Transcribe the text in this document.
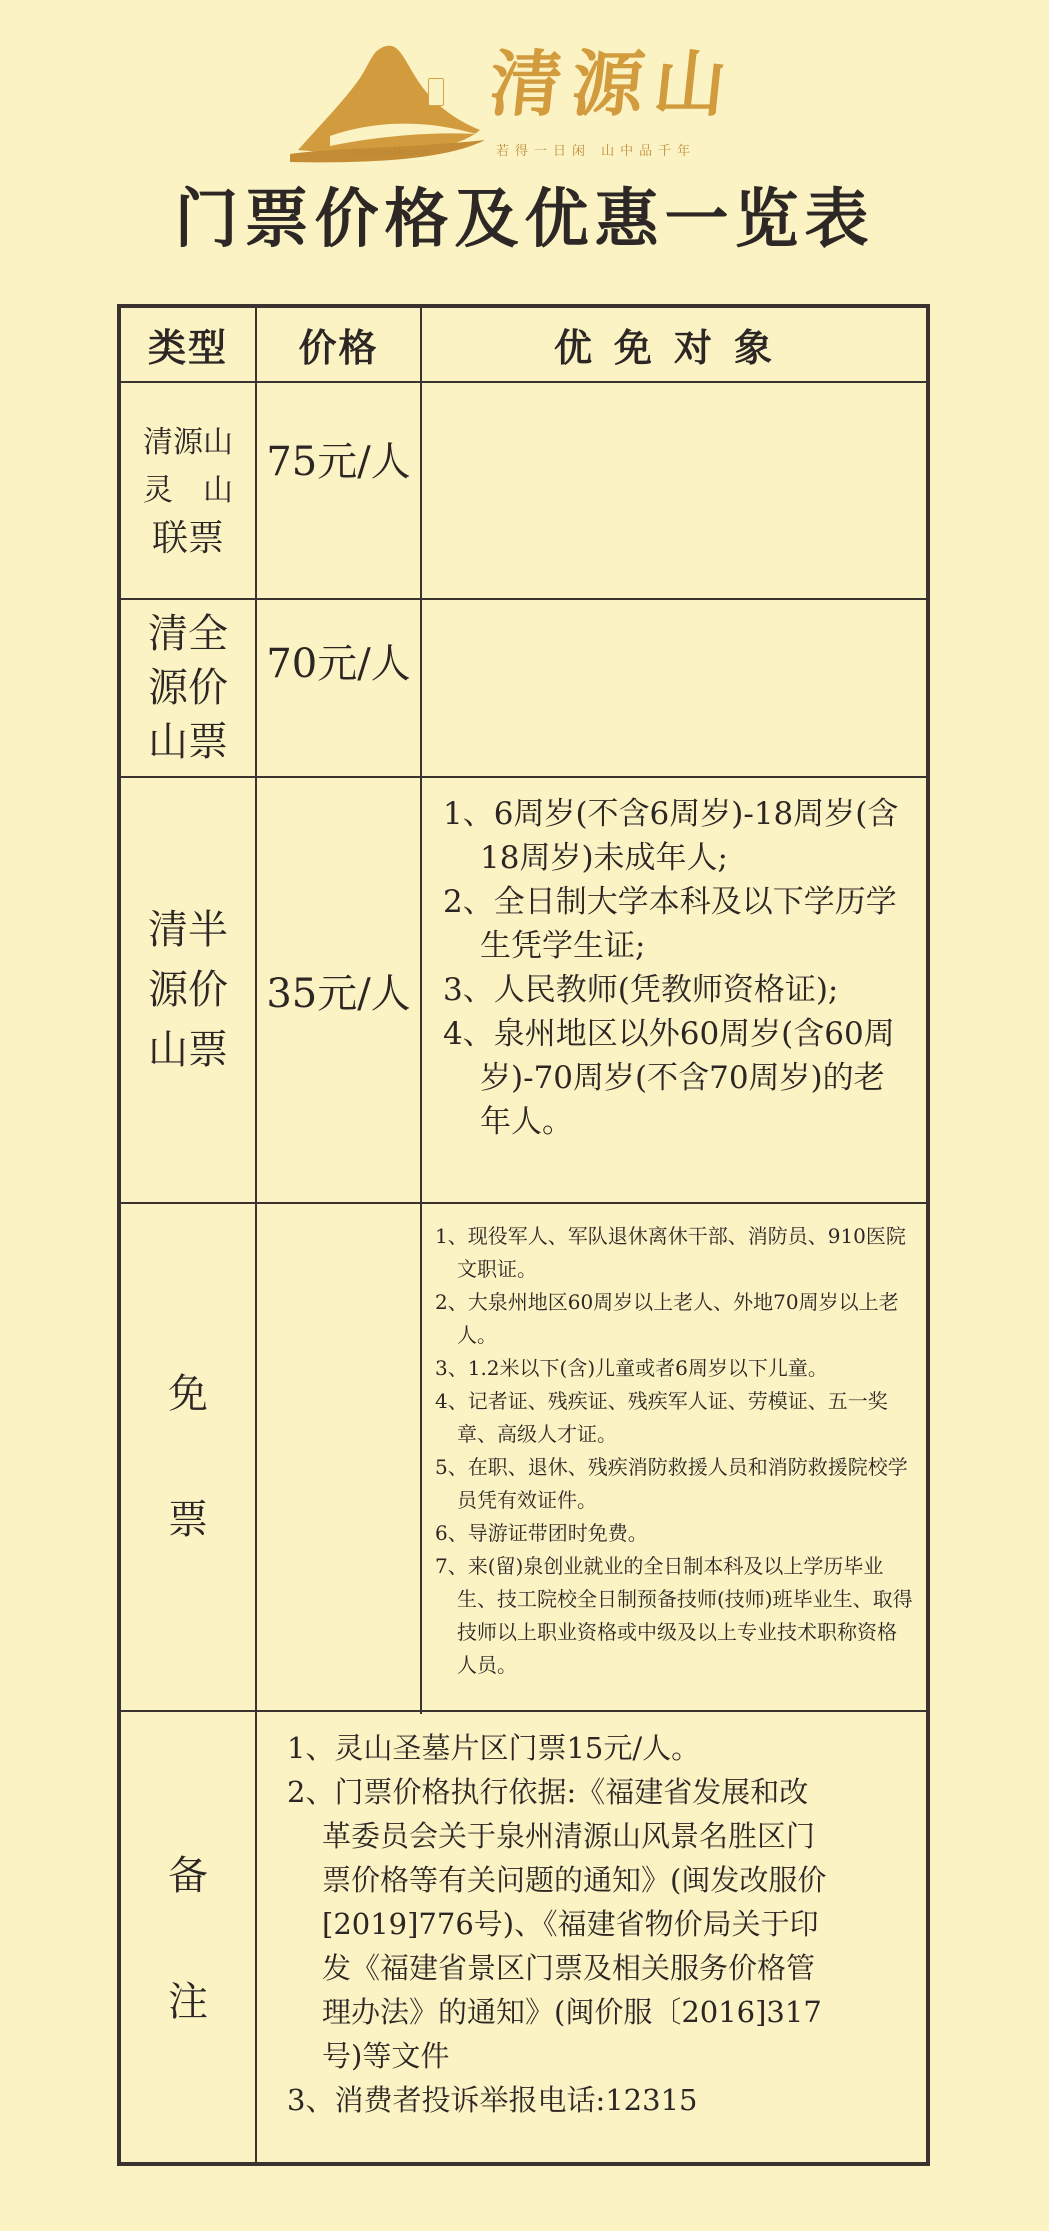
Qingyuan Mountain
清源山
若得一日闲 山中品千年
门票价格及优惠一览表
类型	价格	优免对象
清源山
灵　山
联票
75元/人
清全
源价
山票
70元/人
清半
源价
山票
35元/人
1、6周岁(不含6周岁)-18周岁(含18周岁)未成年人;
2、全日制大学本科及以下学历学生凭学生证;
3、人民教师(凭教师资格证);
4、泉州地区以外60周岁(含60周岁)-70周岁(不含70周岁)的老年人。
免
票
1、现役军人、军队退休离休干部、消防员、910医院文职证。
2、大泉州地区60周岁以上老人、外地70周岁以上老人。
3、1.2米以下(含)儿童或者6周岁以下儿童。
4、记者证、残疾证、残疾军人证、劳模证、五一奖章、高级人才证。
5、在职、退休、残疾消防救援人员和消防救援院校学员凭有效证件。
6、导游证带团时免费。
7、来(留)泉创业就业的全日制本科及以上学历毕业生、技工院校全日制预备技师(技师)班毕业生、取得技师以上职业资格或中级及以上专业技术职称资格人员。
备
注
1、灵山圣墓片区门票15元/人。
2、门票价格执行依据:《福建省发展和改革委员会关于泉州清源山风景名胜区门票价格等有关问题的通知》(闽发改服价[2019]776号)、《福建省物价局关于印发《福建省景区门票及相关服务价格管理办法》的通知》(闽价服〔2016]317号)等文件
3、消费者投诉举报电话:12315
